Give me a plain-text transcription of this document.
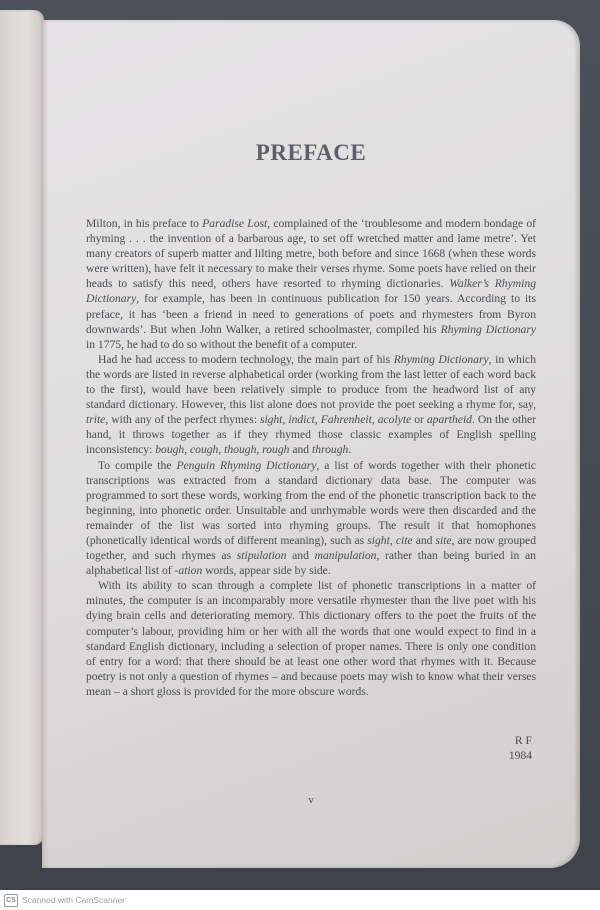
PREFACE

Milton, in his preface to Paradise Lost, complained of the ‘troublesome and modern bondage of rhyming . . . the invention of a barbarous age, to set off wretched matter and lame metre’. Yet many creators of superb matter and lilting metre, both before and since 1668 (when these words were written), have felt it necessary to make their verses rhyme. Some poets have relied on their heads to satisfy this need, others have resorted to rhyming dictionaries. Walker’s Rhyming Dictionary, for example, has been in continuous publication for 150 years. According to its preface, it has ‘been a friend in need to generations of poets and rhymesters from Byron downwards’. But when John Walker, a retired schoolmaster, compiled his Rhyming Dictionary in 1775, he had to do so without the benefit of a computer.

Had he had access to modern technology, the main part of his Rhyming Dictionary, in which the words are listed in reverse alphabetical order (working from the last letter of each word back to the first), would have been relatively simple to produce from the headword list of any standard dictionary. However, this list alone does not provide the poet seeking a rhyme for, say, trite, with any of the perfect rhymes: sight, indict, Fahrenheit, acolyte or apartheid. On the other hand, it throws together as if they rhymed those classic examples of English spelling inconsistency: bough, cough, though, rough and through.

To compile the Penguin Rhyming Dictionary, a list of words together with their phonetic transcriptions was extracted from a standard dictionary data base. The computer was programmed to sort these words, working from the end of the phonetic transcription back to the beginning, into phonetic order. Unsuitable and unrhymable words were then discarded and the remainder of the list was sorted into rhyming groups. The result it that homophones (phonetically identical words of different meaning), such as sight, cite and site, are now grouped together, and such rhymes as stipulation and manipulation, rather than being buried in an alphabetical list of -ation words, appear side by side.

With its ability to scan through a complete list of phonetic transcriptions in a matter of minutes, the computer is an incomparably more versatile rhymester than the live poet with his dying brain cells and deteriorating memory. This dictionary offers to the poet the fruits of the computer’s labour, providing him or her with all the words that one would expect to find in a standard English dictionary, including a selection of proper names. There is only one condition of entry for a word: that there should be at least one other word that rhymes with it. Because poetry is not only a question of rhymes – and because poets may wish to know what their verses mean – a short gloss is provided for the more obscure words.

R F
1984
v
CS Scanned with CamScanner
